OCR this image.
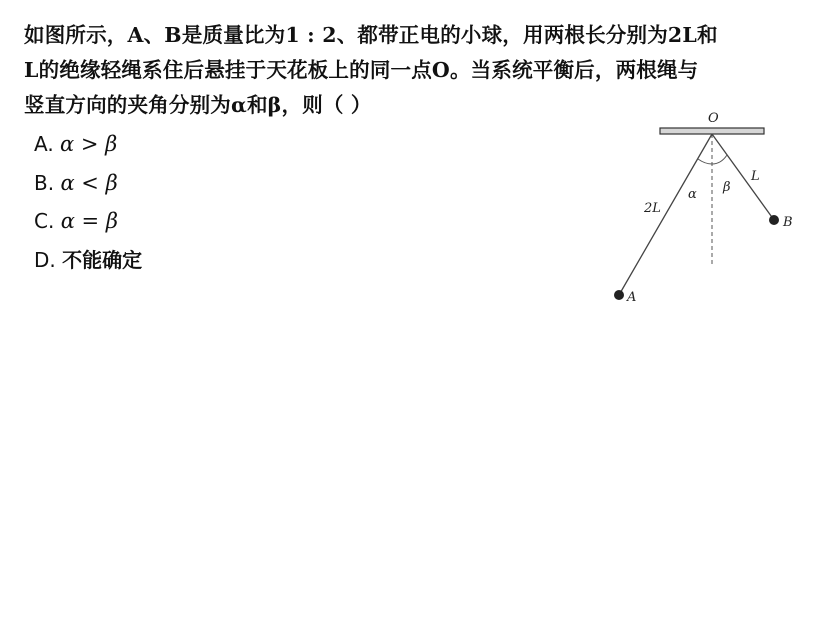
如图所示，A、B是质量比为1 : 2、都带正电的小球，用两根长分别为2L和
L的绝缘轻绳系住后悬挂于天花板上的同一点O。当系统平衡后，两根绳与
竖直方向的夹角分别为α和β，则（ ）
A. α > β
B. α < β
C. α = β
D. 不能确定
O
A
B
2L
L
α β
